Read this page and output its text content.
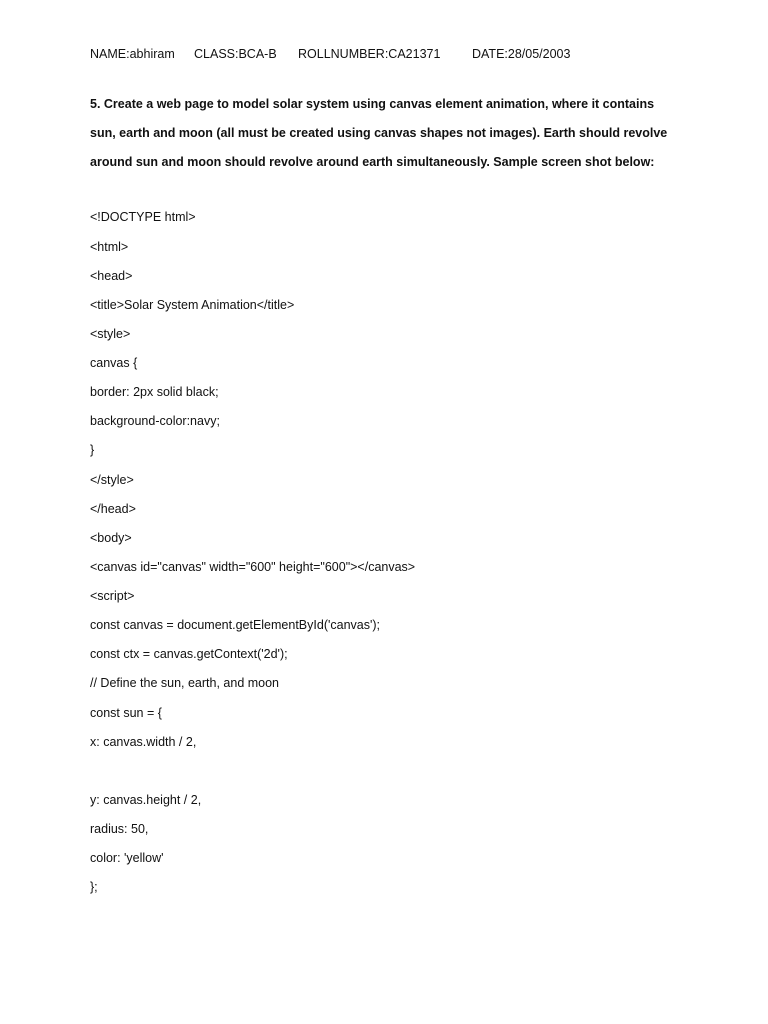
NAME:abhiram CLASS:BCA-B ROLLNUMBER:CA21371	DATE:28/05/2003
5. Create a web page to model solar system using canvas element animation, where it contains sun, earth and moon (all must be created using canvas shapes not images). Earth should revolve around sun and moon should revolve around earth simultaneously. Sample screen shot below:
<!DOCTYPE html>
<html>
<head>
<title>Solar System Animation</title>
<style>
canvas {
border: 2px solid black;
background-color:navy;
}
</style>
</head>
<body>
<canvas id="canvas" width="600" height="600"></canvas>
<script>
const canvas = document.getElementById('canvas');
const ctx = canvas.getContext('2d');
// Define the sun, earth, and moon
const sun = {
x: canvas.width / 2,
y: canvas.height / 2,
radius: 50,
color: 'yellow'
};
